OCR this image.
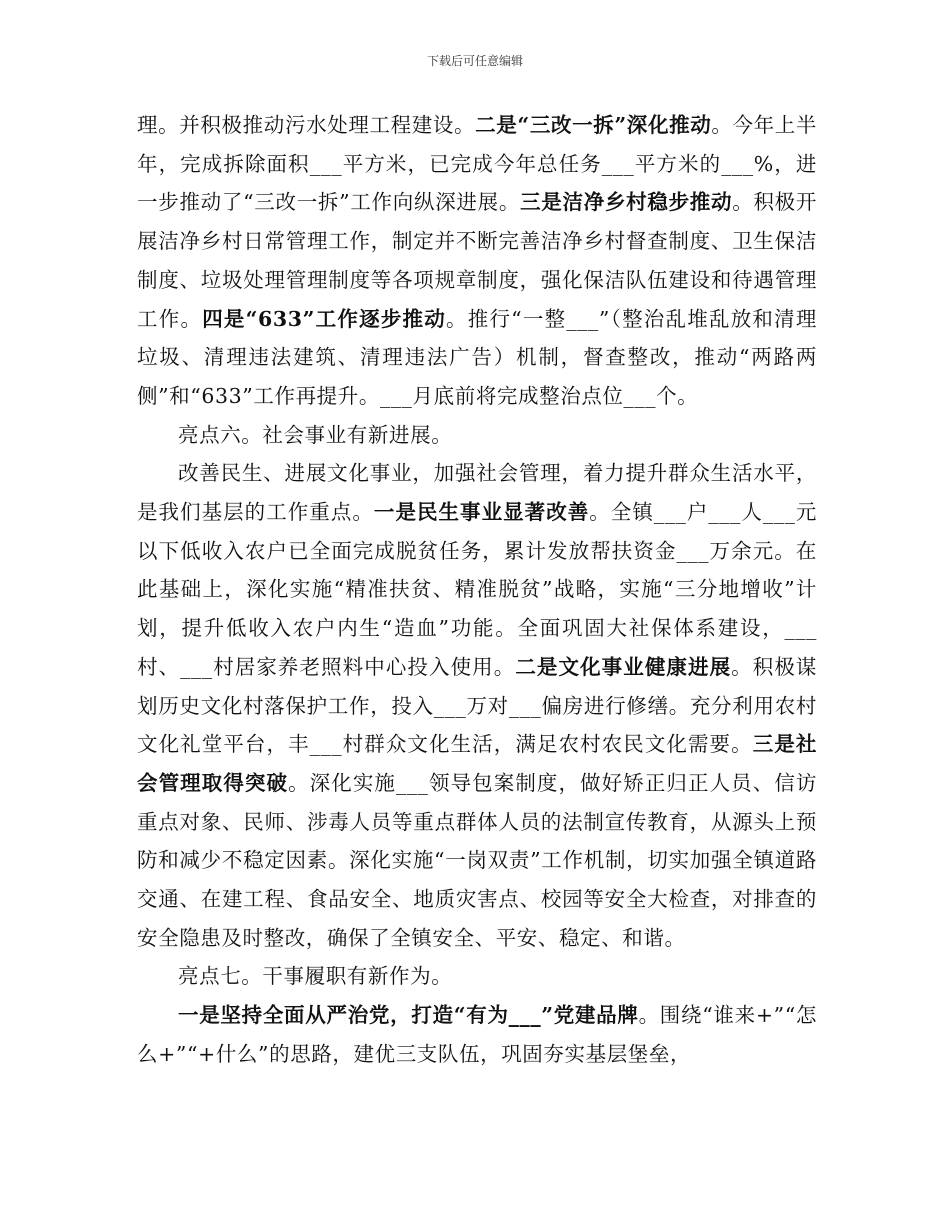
下载后可任意编辑

理。并积极推动污水处理工程建设。二是“三改一拆”深化推动。今年上半年，完成拆除面积___平方米，已完成今年总任务___平方米的___%，进一步推动了“三改一拆”工作向纵深进展。三是洁净乡村稳步推动。积极开展洁净乡村日常管理工作，制定并不断完善洁净乡村督查制度、卫生保洁制度、垃圾处理管理制度等各项规章制度，强化保洁队伍建设和待遇管理工作。四是“633”工作逐步推动。推行“一整___”（整治乱堆乱放和清理垃圾、清理违法建筑、清理违法广告）机制，督查整改，推动“两路两侧”和“633”工作再提升。___月底前将完成整治点位___个。

亮点六。社会事业有新进展。

改善民生、进展文化事业，加强社会管理，着力提升群众生活水平，是我们基层的工作重点。一是民生事业显著改善。全镇___户___人___元以下低收入农户已全面完成脱贫任务，累计发放帮扶资金___万余元。在此基础上，深化实施“精准扶贫、精准脱贫”战略，实施“三分地增收”计划，提升低收入农户内生“造血”功能。全面巩固大社保体系建设，___村、___村居家养老照料中心投入使用。二是文化事业健康进展。积极谋划历史文化村落保护工作，投入___万对___偏房进行修缮。充分利用农村文化礼堂平台，丰___村群众文化生活，满足农村农民文化需要。三是社会管理取得突破。深化实施___领导包案制度，做好矫正归正人员、信访重点对象、民师、涉毒人员等重点群体人员的法制宣传教育，从源头上预防和减少不稳定因素。深化实施“一岗双责”工作机制，切实加强全镇道路交通、在建工程、食品安全、地质灾害点、校园等安全大检查，对排查的安全隐患及时整改，确保了全镇安全、平安、稳定、和谐。

亮点七。干事履职有新作为。

一是坚持全面从严治党，打造“有为___”党建品牌。围绕“谁来+”“怎么+”“+什么”的思路，建优三支队伍，巩固夯实基层堡垒，
